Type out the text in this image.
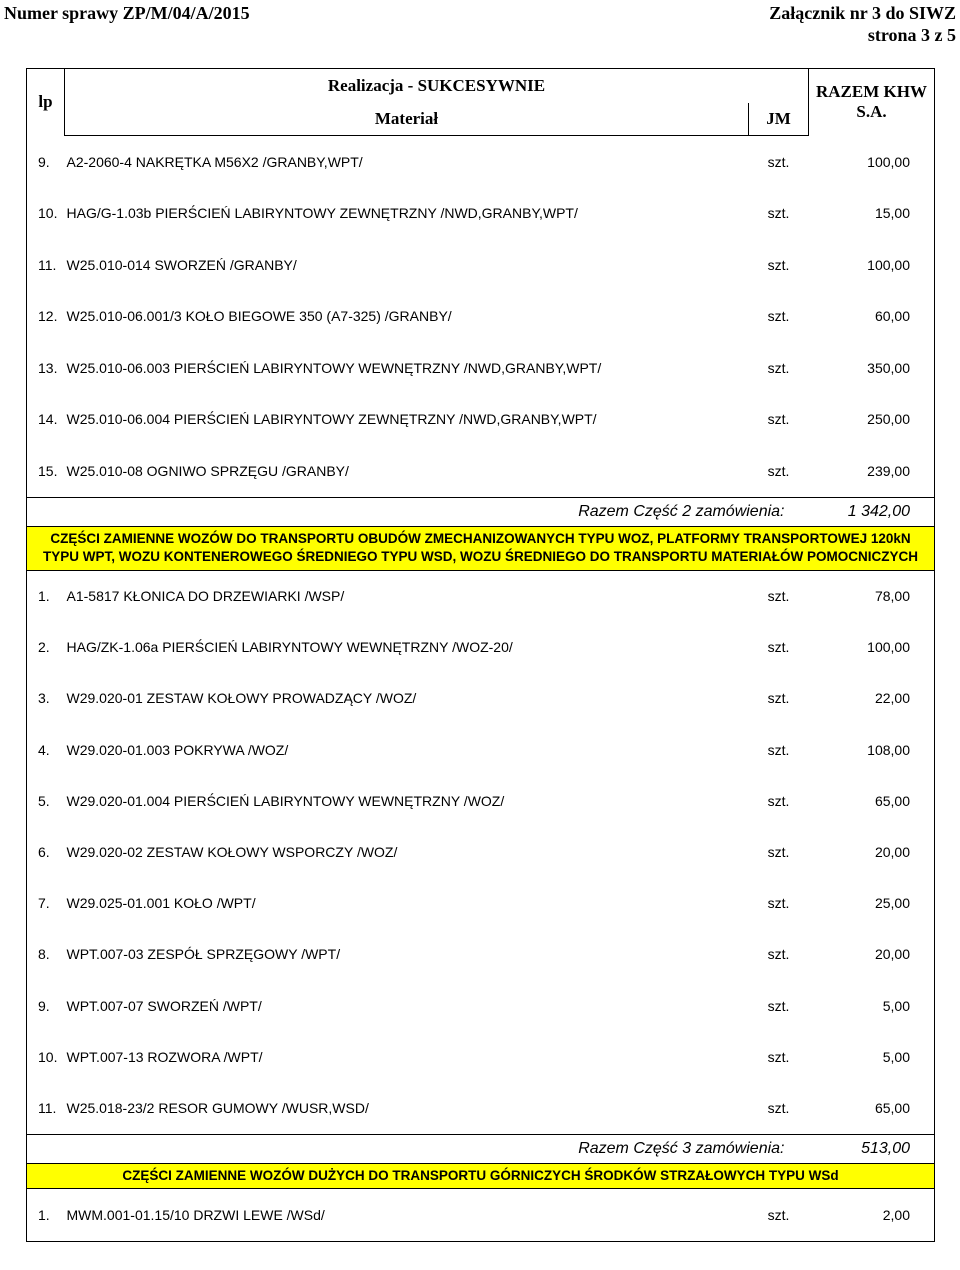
Numer sprawy ZP/M/04/A/2015	Załącznik nr 3 do SIWZ
strona 3 z 5
lp	Realizacja - SUKCESYWNIE		RAZEM KHW
S.A.

	Materiał	JM	
9.	A2-2060-4 NAKRĘTKA M56X2 /GRANBY,WPT/	szt.	100,00
10.	HAG/G-1.03b PIERŚCIEŃ LABIRYNTOWY ZEWNĘTRZNY /NWD,GRANBY,WPT/	szt.	15,00
11.	W25.010-014 SWORZEŃ /GRANBY/	szt.	100,00
12.	W25.010-06.001/3 KOŁO BIEGOWE 350 (A7-325) /GRANBY/	szt.	60,00
13.	W25.010-06.003 PIERŚCIEŃ LABIRYNTOWY WEWNĘTRZNY /NWD,GRANBY,WPT/	szt.	350,00
14.	W25.010-06.004 PIERŚCIEŃ LABIRYNTOWY ZEWNĘTRZNY /NWD,GRANBY,WPT/	szt.	250,00
15.	W25.010-08 OGNIWO SPRZĘGU /GRANBY/	szt.	239,00
Razem Część 2 zamówienia:			1 342,00
CZĘŚCI ZAMIENNE WOZÓW DO TRANSPORTU OBUDÓW ZMECHANIZOWANYCH TYPU WOZ, PLATFORMY TRANSPORTOWEJ 120kN TYPU WPT, WOZU KONTENEROWEGO ŚREDNIEGO TYPU WSD, WOZU ŚREDNIEGO DO TRANSPORTU MATERIAŁÓW POMOCNICZYCH			
1.	A1-5817 KŁONICA DO DRZEWIARKI /WSP/	szt.	78,00
2.	HAG/ZK-1.06a PIERŚCIEŃ LABIRYNTOWY WEWNĘTRZNY /WOZ-20/	szt.	100,00
3.	W29.020-01 ZESTAW KOŁOWY PROWADZĄCY /WOZ/	szt.	22,00
4.	W29.020-01.003 POKRYWA /WOZ/	szt.	108,00
5.	W29.020-01.004 PIERŚCIEŃ LABIRYNTOWY WEWNĘTRZNY /WOZ/	szt.	65,00
6.	W29.020-02 ZESTAW KOŁOWY WSPORCZY /WOZ/	szt.	20,00
7.	W29.025-01.001 KOŁO /WPT/	szt.	25,00
8.	WPT.007-03 ZESPÓŁ SPRZĘGOWY /WPT/	szt.	20,00
9.	WPT.007-07 SWORZEŃ /WPT/	szt.	5,00
10.	WPT.007-13 ROZWORA /WPT/	szt.	5,00
11.	W25.018-23/2 RESOR GUMOWY /WUSR,WSD/	szt.	65,00
Razem Część 3 zamówienia:			513,00
CZĘŚCI ZAMIENNE WOZÓW DUŻYCH DO TRANSPORTU GÓRNICZYCH ŚRODKÓW STRZAŁOWYCH TYPU WSd			
1.	MWM.001-01.15/10 DRZWI LEWE /WSd/	szt.	2,00
